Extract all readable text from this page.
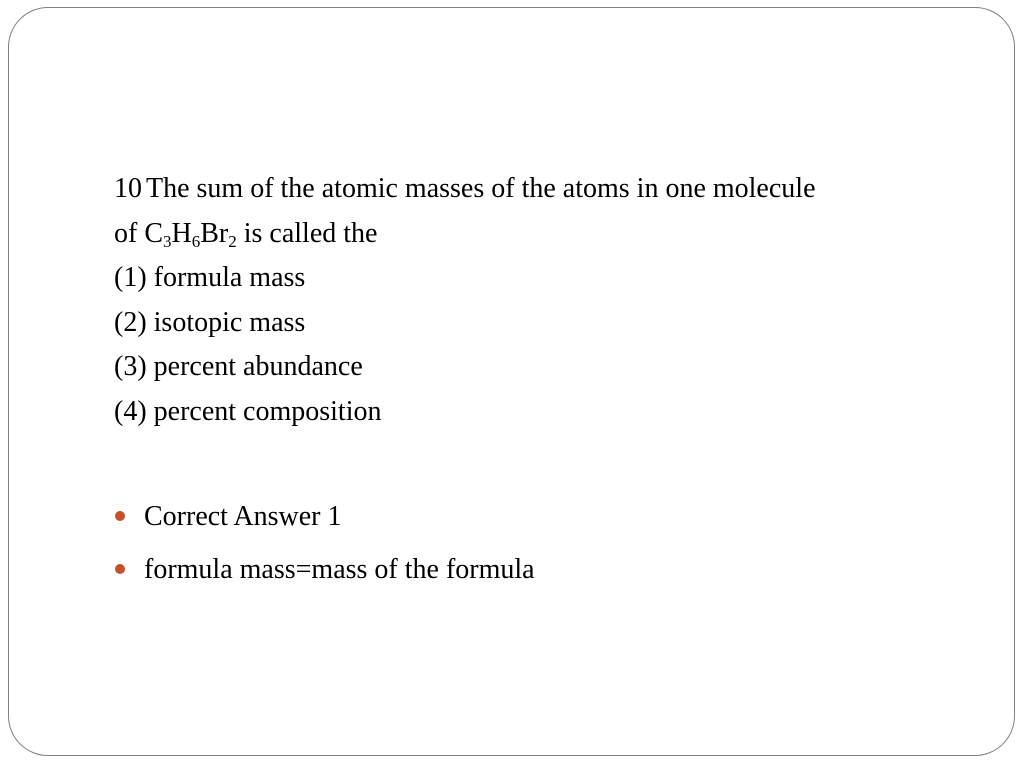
10 The sum of the atomic masses of the atoms in one molecule
of $C_3H_6Br_2$ is called the
(1) formula mass
(2) isotopic mass
(3) percent abundance
(4) percent composition
Correct Answer 1
formula mass=mass of the formula
